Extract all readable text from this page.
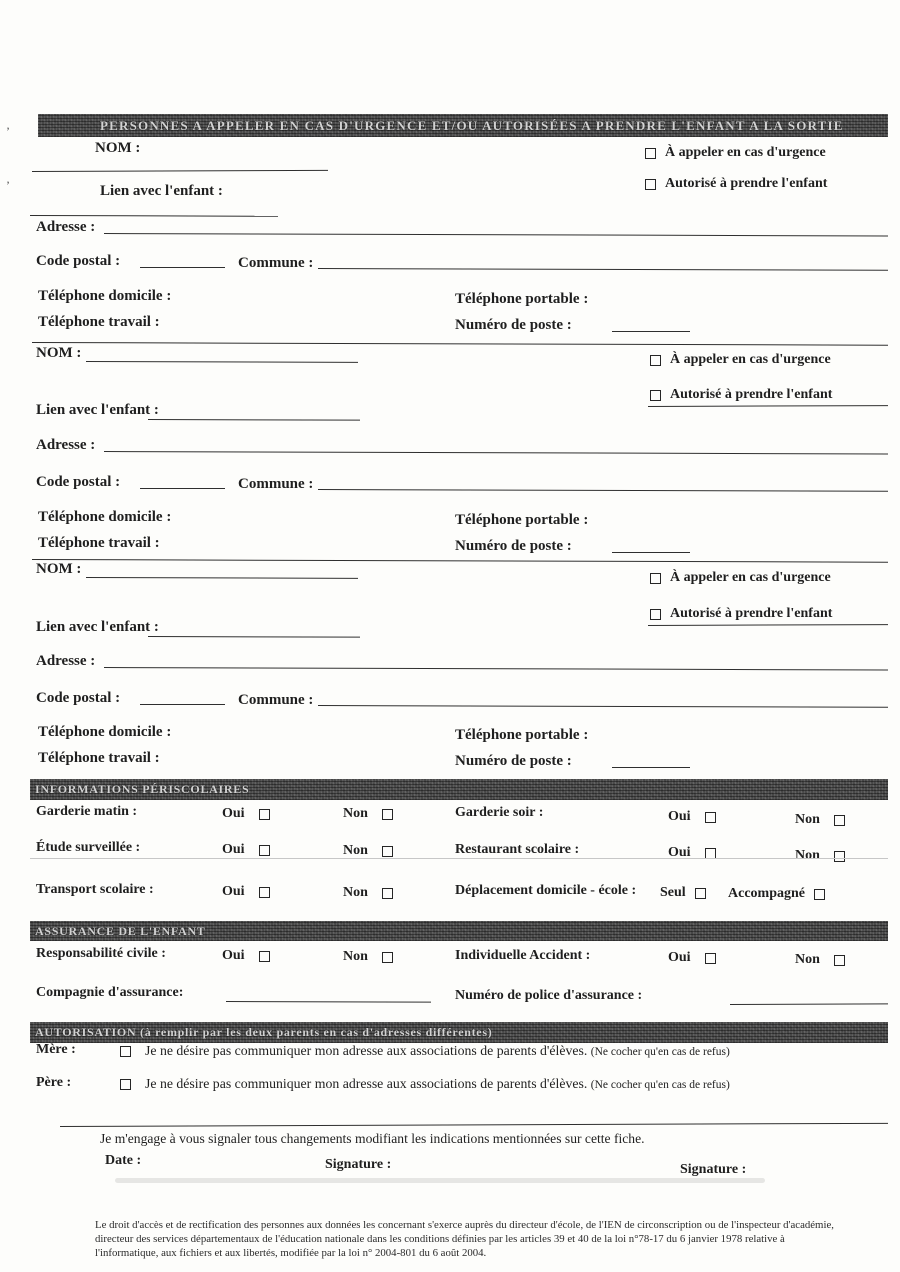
’
’
PERSONNES A APPELER EN CAS D'URGENCE ET/OU AUTORISÉES A PRENDRE L'ENFANT A LA SORTIE
NOM :	À appeler en cas d'urgence
Autorisé à prendre l'enfant
Lien avec l'enfant :
Adresse :
Code postal :	Commune :
Téléphone domicile :	Téléphone portable :
Téléphone travail :	Numéro de poste :
NOM :	À appeler en cas d'urgence
Autorisé à prendre l'enfant
Lien avec l'enfant :
Adresse :
Code postal :	Commune :
Téléphone domicile :	Téléphone portable :
Téléphone travail :	Numéro de poste :
NOM :
À appeler en cas d'urgence
Autorisé à prendre l'enfant
Lien avec l'enfant :
Adresse :
Code postal :	Commune :
Téléphone domicile :	Téléphone portable :
Téléphone travail :	Numéro de poste :
INFORMATIONS PÉRISCOLAIRES
Garderie matin :	Oui	Non	Garderie soir :	Oui	Non
Étude surveillée :	Oui	Non	Restaurant scolaire :	Oui	Non
Transport scolaire :	Oui	Non	Déplacement domicile - école : Seul	Accompagné
ASSURANCE DE L'ENFANT
Responsabilité civile :	Oui	Non	Individuelle Accident :	Oui	Non
Compagnie d'assurance:	Numéro de police d'assurance :
AUTORISATION (à remplir par les deux parents en cas d'adresses différentes)
Mère :	Je ne désire pas communiquer mon adresse aux associations de parents d'élèves. (Ne cocher qu'en cas de refus)
Père :	Je ne désire pas communiquer mon adresse aux associations de parents d'élèves. (Ne cocher qu'en cas de refus)
Je m'engage à vous signaler tous changements modifiant les indications mentionnées sur cette fiche.
Date :	Signature :	Signature :
Le droit d'accès et de rectification des personnes aux données les concernant s'exerce auprès du directeur d'école, de l'IEN de circonscription ou de l'inspecteur d'académie, directeur des services départementaux de l'éducation nationale dans les conditions définies par les articles 39 et 40 de la loi n°78-17 du 6 janvier 1978 relative à l'informatique, aux fichiers et aux libertés, modifiée par la loi n° 2004-801 du 6 août 2004.
